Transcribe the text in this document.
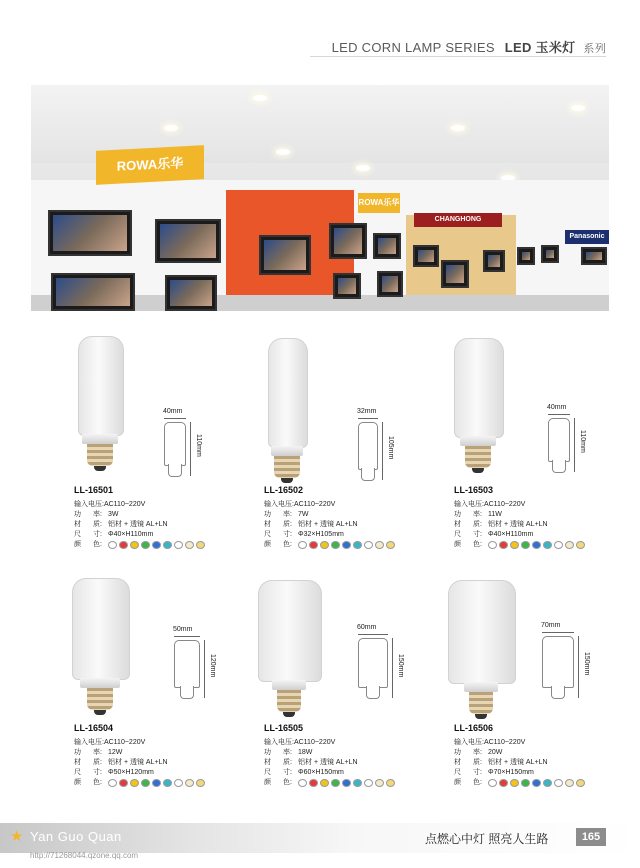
LED CORN LAMP SERIES LED 玉米灯 系列
ROWA乐华
ROWA乐华
CHANGHONG
Panasonic
40mm
110mm
LL-16501
输入电压: AC110~220V
功 率: 3W
材 质: 铝材 + 透镜 AL+LN
尺 寸: Φ40×H110mm
颜 色:
32mm
105mm
LL-16502
输入电压: AC110~220V
功 率: 7W
材 质: 铝材 + 透镜 AL+LN
尺 寸: Φ32×H105mm
颜 色:
40mm
110mm
LL-16503
输入电压: AC110~220V
功 率: 11W
材 质: 铝材 + 透镜 AL+LN
尺 寸: Φ40×H110mm
颜 色:
50mm
120mm
LL-16504
输入电压: AC110~220V
功 率: 12W
材 质: 铝材 + 透镜 AL+LN
尺 寸: Φ50×H120mm
颜 色:
60mm
150mm
LL-16505
输入电压: AC110~220V
功 率: 18W
材 质: 铝材 + 透镜 AL+LN
尺 寸: Φ60×H150mm
颜 色:
70mm
150mm
LL-16506
输入电压: AC110~220V
功 率: 20W
材 质: 铝材 + 透镜 AL+LN
尺 寸: Φ70×H150mm
颜 色:
★ Yan Guo Quan
http://71268044.qzone.qq.com
点燃心中灯 照亮人生路	165
